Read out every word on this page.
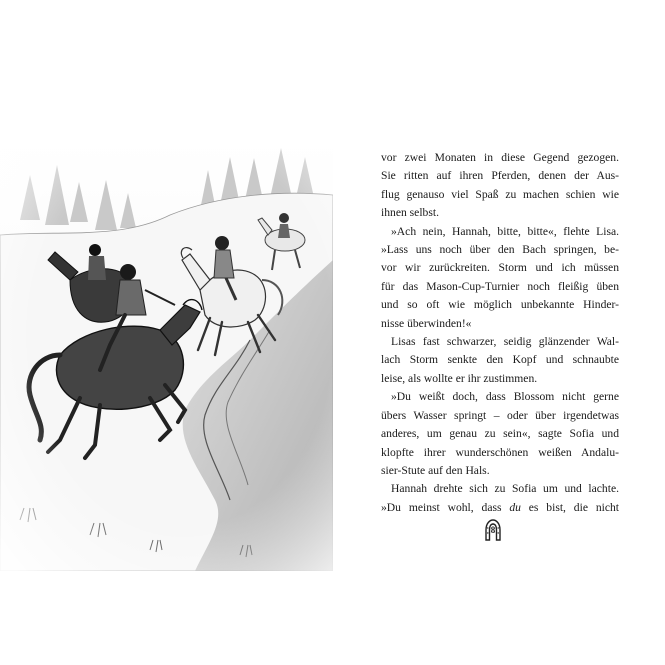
vor zwei Monaten in diese Gegend gezogen.
Sie ritten auf ihren Pferden, denen der Aus-
flug genauso viel Spaß zu machen schien wie
ihnen selbst.

»Ach nein, Hannah, bitte, bitte«, flehte Lisa.

»Lass uns noch über den Bach springen, be-
vor wir zurückreiten. Storm und ich müssen
für das Mason-Cup-Turnier noch fleißig üben
und so oft wie möglich unbekannte Hinder-
nisse überwinden!«

Lisas fast schwarzer, seidig glänzender Wal-

lach Storm senkte den Kopf und schnaubte
leise, als wollte er ihr zustimmen.

»Du weißt doch, dass Blossom nicht gerne

übers Wasser springt – oder über irgendetwas
anderes, um genau zu sein«, sagte Sofia und
klopfte ihrer wunderschönen weißen Andalu-
sier-Stute auf den Hals.

Hannah drehte sich zu Sofia um und lachte.

»Du meinst wohl, dass du es bist, die nicht

8
